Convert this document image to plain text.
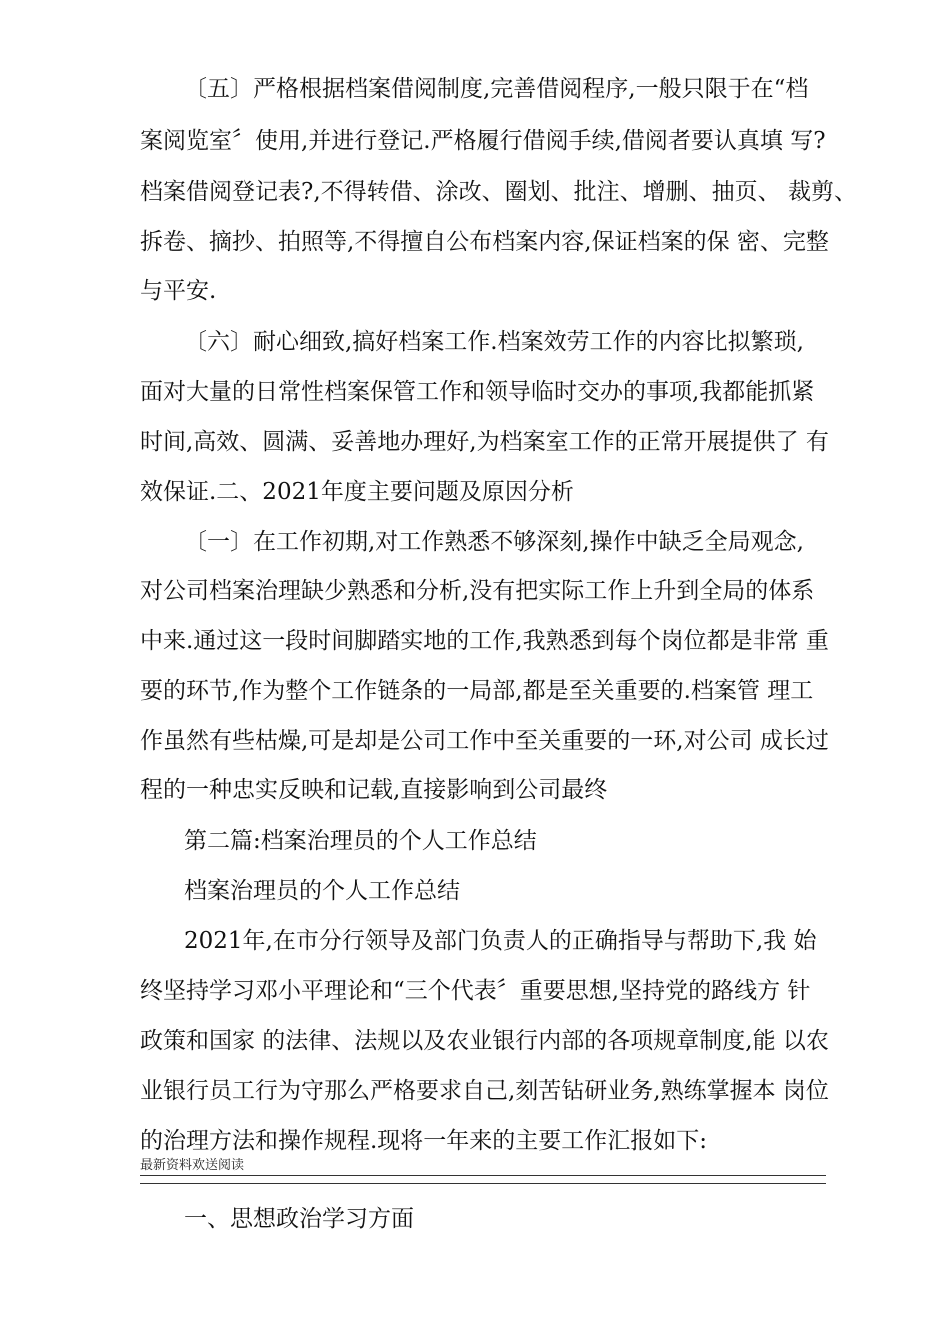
〔五〕严格根据档案借阅制度,完善借阅程序,一般只限于在“档
案阅览室〞使用,并进行登记.严格履行借阅手续,借阅者要认真填 写?
档案借阅登记表?,不得转借、涂改、圈划、批注、增删、抽页、 裁剪、
拆卷、摘抄、拍照等,不得擅自公布档案内容,保证档案的保 密、完整
与平安.
〔六〕耐心细致,搞好档案工作.档案效劳工作的内容比拟繁琐,
面对大量的日常性档案保管工作和领导临时交办的事项,我都能抓紧
时间,高效、圆满、妥善地办理好,为档案室工作的正常开展提供了 有
效保证.二、2021年度主要问题及原因分析
〔一〕在工作初期,对工作熟悉不够深刻,操作中缺乏全局观念,
对公司档案治理缺少熟悉和分析,没有把实际工作上升到全局的体系
中来.通过这一段时间脚踏实地的工作,我熟悉到每个岗位都是非常 重
要的环节,作为整个工作链条的一局部,都是至关重要的.档案管 理工
作虽然有些枯燥,可是却是公司工作中至关重要的一环,对公司 成长过
程的一种忠实反映和记载,直接影响到公司最终
第二篇:档案治理员的个人工作总结
档案治理员的个人工作总结
2021年,在市分行领导及部门负责人的正确指导与帮助下,我 始
终坚持学习邓小平理论和“三个代表〞重要思想,坚持党的路线方 针
政策和国家 的法律、法规以及农业银行内部的各项规章制度,能 以农
业银行员工行为守那么严格要求自己,刻苦钻研业务,熟练掌握本 岗位
的治理方法和操作规程.现将一年来的主要工作汇报如下:
最新资料欢送阅读
一、思想政治学习方面
